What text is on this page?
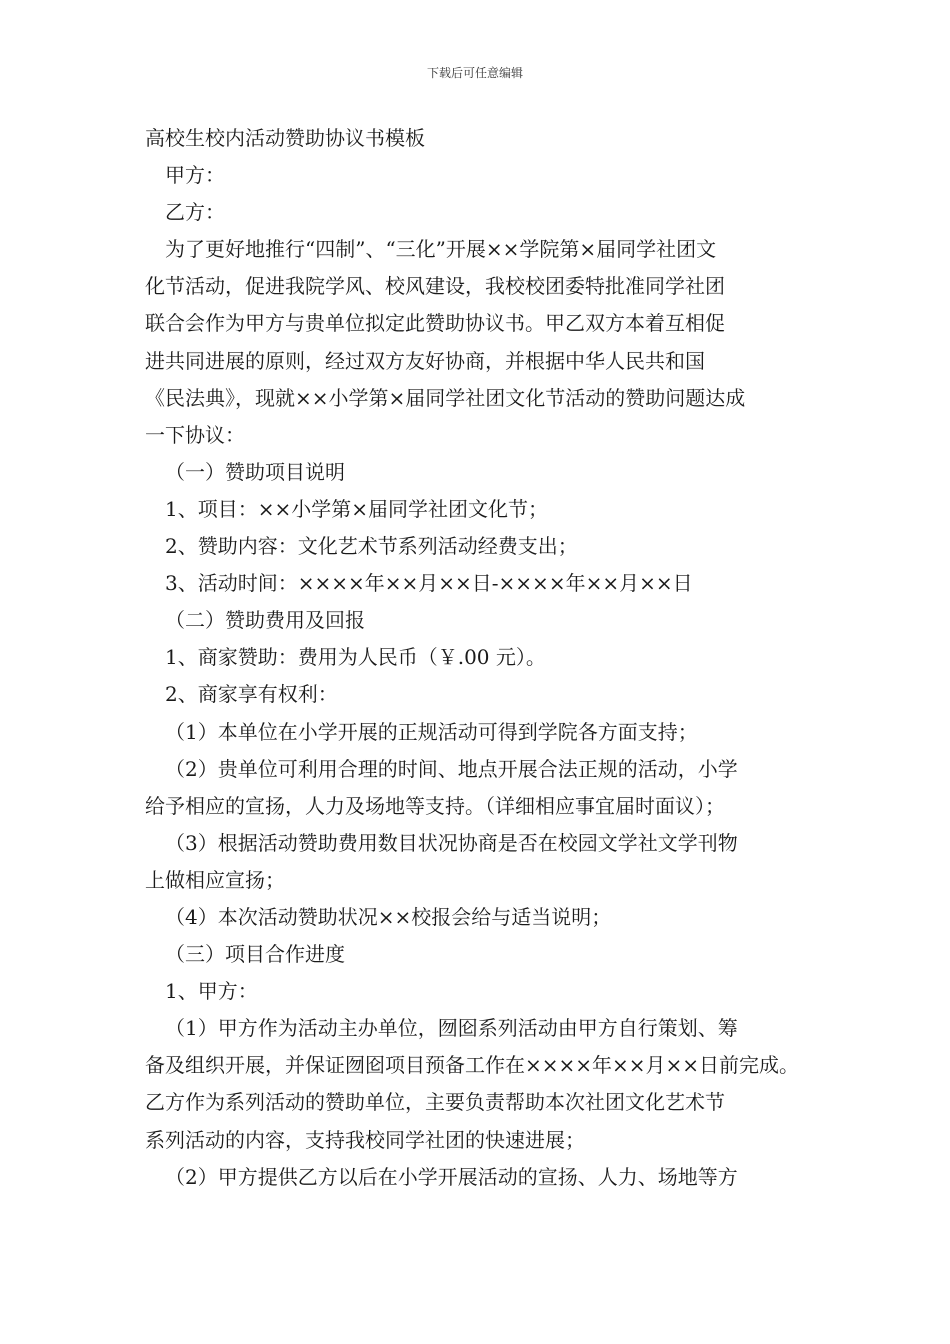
下载后可任意编辑

高校生校内活动赞助协议书模板

甲方：

乙方：

为了更好地推行“四制”、“三化”开展××学院第×届同学社团文

化节活动，促进我院学风、校风建设，我校校团委特批准同学社团

联合会作为甲方与贵单位拟定此赞助协议书。甲乙双方本着互相促

进共同进展的原则，经过双方友好协商，并根据中华人民共和国

《民法典》，现就××小学第×届同学社团文化节活动的赞助问题达成

一下协议：

（一）赞助项目说明

1、项目：××小学第×届同学社团文化节；

2、赞助内容：文化艺术节系列活动经费支出；

3、活动时间：××××年××月××日-××××年××月××日

（二）赞助费用及回报

1、商家赞助：费用为人民币（￥.00 元）。

2、商家享有权利：

（1）本单位在小学开展的正规活动可得到学院各方面支持；

（2）贵单位可利用合理的时间、地点开展合法正规的活动，小学

给予相应的宣扬，人力及场地等支持。（详细相应事宜届时面议）；

（3）根据活动赞助费用数目状况协商是否在校园文学社文学刊物

上做相应宣扬；

（4）本次活动赞助状况××校报会给与适当说明；

（三）项目合作进度

1、甲方：

（1）甲方作为活动主办单位，囫囵系列活动由甲方自行策划、筹

备及组织开展，并保证囫囵项目预备工作在××××年××月××日前完成。

乙方作为系列活动的赞助单位，主要负责帮助本次社团文化艺术节

系列活动的内容，支持我校同学社团的快速进展；

（2）甲方提供乙方以后在小学开展活动的宣扬、人力、场地等方
